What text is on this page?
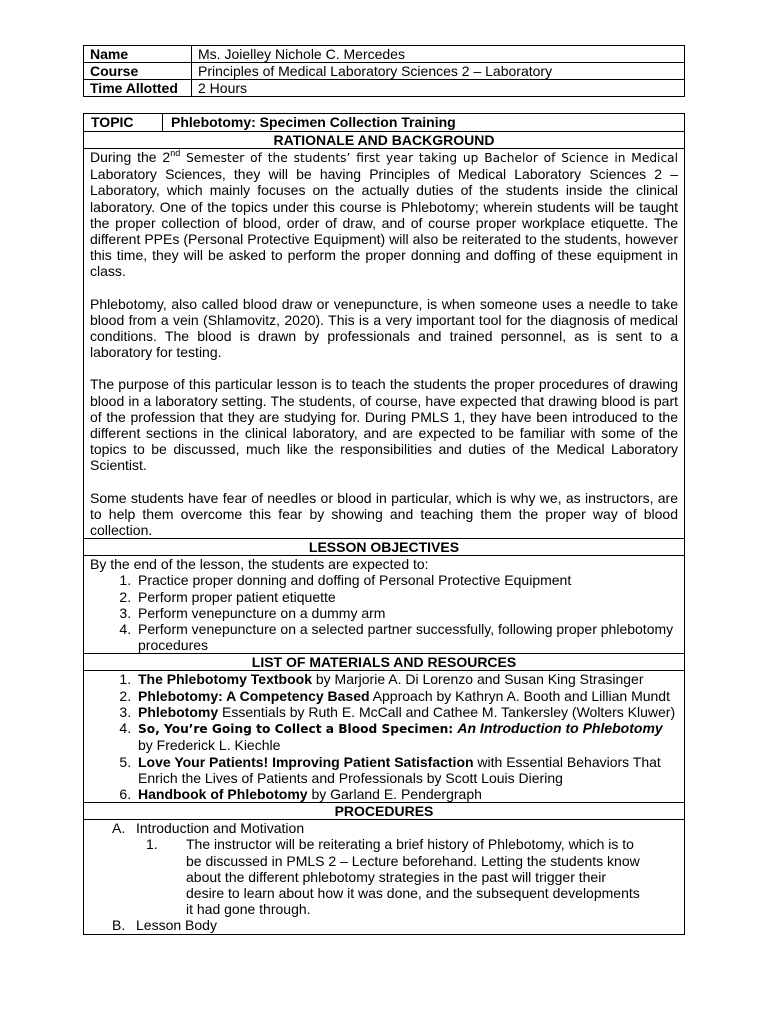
Name	Ms. Joielley Nichole C. Mercedes
Course	Principles of Medical Laboratory Sciences 2 – Laboratory
Time Allotted	2 Hours
TOPIC	Phlebotomy: Specimen Collection Training
RATIONALE AND BACKGROUND

During the 2nd Semester of the students’ first year taking up Bachelor of Science in Medical Laboratory Sciences, they will be having Principles of Medical Laboratory Sciences 2 – Laboratory, which mainly focuses on the actually duties of the students inside the clinical laboratory. One of the topics under this course is Phlebotomy; wherein students will be taught the proper collection of blood, order of draw, and of course proper workplace etiquette. The different PPEs (Personal Protective Equipment) will also be reiterated to the students, however this time, they will be asked to perform the proper donning and doffing of these equipment in class.

Phlebotomy, also called blood draw or venepuncture, is when someone uses a needle to take blood from a vein (Shlamovitz, 2020). This is a very important tool for the diagnosis of medical conditions. The blood is drawn by professionals and trained personnel, as is sent to a laboratory for testing.

The purpose of this particular lesson is to teach the students the proper procedures of drawing blood in a laboratory setting. The students, of course, have expected that drawing blood is part of the profession that they are studying for. During PMLS 1, they have been introduced to the different sections in the clinical laboratory, and are expected to be familiar with some of the topics to be discussed, much like the responsibilities and duties of the Medical Laboratory Scientist.

Some students have fear of needles or blood in particular, which is why we, as instructors, are to help them overcome this fear by showing and teaching them the proper way of blood collection.

LESSON OBJECTIVES
By the end of the lesson, the students are expected to:
1. Practice proper donning and doffing of Personal Protective Equipment
2. Perform proper patient etiquette
3. Perform venepuncture on a dummy arm
4. Perform venepuncture on a selected partner successfully, following proper phlebotomy procedures
LIST OF MATERIALS AND RESOURCES
1. The Phlebotomy Textbook by Marjorie A. Di Lorenzo and Susan King Strasinger
2. Phlebotomy: A Competency Based Approach by Kathryn A. Booth and Lillian Mundt
3. Phlebotomy Essentials by Ruth E. McCall and Cathee M. Tankersley (Wolters Kluwer)
4. So, You’re Going to Collect a Blood Specimen: An Introduction to Phlebotomy by Frederick L. Kiechle
5. Love Your Patients! Improving Patient Satisfaction with Essential Behaviors That Enrich the Lives of Patients and Professionals by Scott Louis Diering
6. Handbook of Phlebotomy by Garland E. Pendergraph
PROCEDURES
A. Introduction and Motivation
1.	The instructor will be reiterating a brief history of Phlebotomy, which is to be discussed in PMLS 2 – Lecture beforehand. Letting the students know about the different phlebotomy strategies in the past will trigger their desire to learn about how it was done, and the subsequent developments it had gone through.
B. Lesson Body
